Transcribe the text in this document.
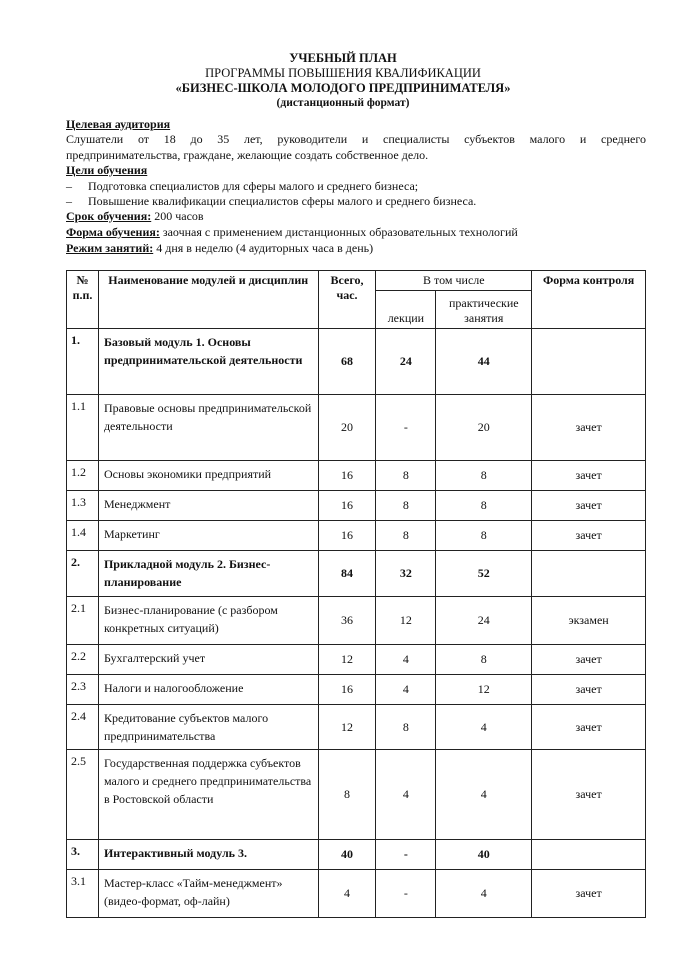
УЧЕБНЫЙ ПЛАН
ПРОГРАММЫ ПОВЫШЕНИЯ КВАЛИФИКАЦИИ
«БИЗНЕС-ШКОЛА МОЛОДОГО ПРЕДПРИНИМАТЕЛЯ»
(дистанционный формат)
Целевая аудитория
Слушатели от 18 до 35 лет, руководители и специалисты субъектов малого и среднего
предпринимательства, граждане, желающие создать собственное дело.
Цели обучения
– Подготовка специалистов для сферы малого и среднего бизнеса;
– Повышение квалификации специалистов сферы малого и среднего бизнеса.
Срок обучения: 200 часов
Форма обучения: заочная с применением дистанционных образовательных технологий
Режим занятий: 4 дня в неделю (4 аудиторных часа в день)
№ п.п.	Наименование модулей и дисциплин	Всего, час.	В том числе		Форма контроля
			лекции	практические занятия	
1.	Базовый модуль 1. Основы предпринимательской деятельности	68	24	44	
1.1	Правовые основы предпринимательской деятельности	20	-	20	зачет
1.2	Основы экономики предприятий	16	8	8	зачет
1.3	Менеджмент	16	8	8	зачет
1.4	Маркетинг	16	8	8	зачет
2.	Прикладной модуль 2. Бизнес-планирование	84	32	52	
2.1	Бизнес-планирование (с разбором конкретных ситуаций)	36	12	24	экзамен
2.2	Бухгалтерский учет	12	4	8	зачет
2.3	Налоги и налогообложение	16	4	12	зачет
2.4	Кредитование субъектов малого предпринимательства	12	8	4	зачет
2.5	Государственная поддержка субъектов малого и среднего предпринимательства в Ростовской области	8	4	4	зачет
3.	Интерактивный модуль 3.	40	-	40	
3.1	Мастер-класс «Тайм-менеджмент» (видео-формат, оф-лайн)	4	-	4	зачет
